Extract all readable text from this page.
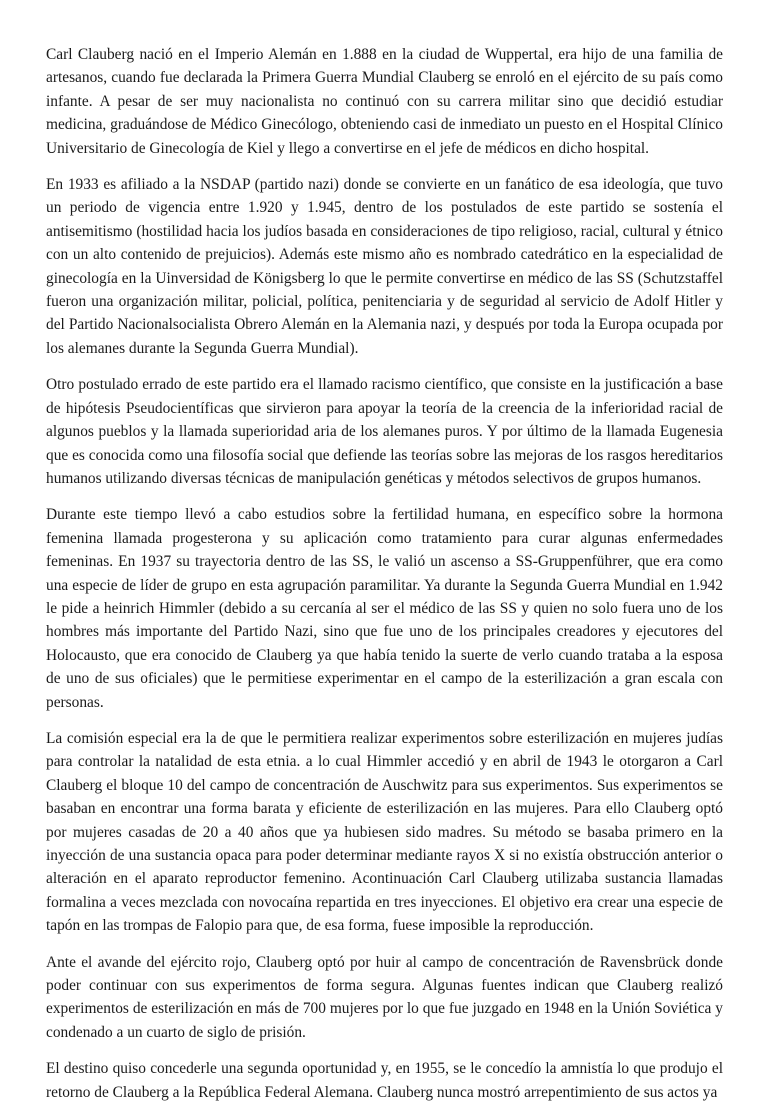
Carl Clauberg nació en el Imperio Alemán en 1.888 en la ciudad de Wuppertal, era hijo de una familia de artesanos, cuando fue declarada la Primera Guerra Mundial Clauberg se enroló en el ejército de su país como infante. A pesar de ser muy nacionalista no continuó con su carrera militar sino que decidió estudiar medicina, graduándose de Médico Ginecólogo, obteniendo casi de inmediato un puesto en el Hospital Clínico Universitario de Ginecología de Kiel y llego a convertirse en el jefe de médicos en dicho hospital.

En 1933 es afiliado a la NSDAP (partido nazi) donde se convierte en un fanático de esa ideología, que tuvo un periodo de vigencia entre 1.920 y 1.945, dentro de los postulados de este partido se sostenía el antisemitismo (hostilidad hacia los judíos basada en consideraciones de tipo religioso, racial, cultural y étnico con un alto contenido de prejuicios). Además este mismo año es nombrado catedrático en la especialidad de ginecología en la Uinversidad de Königsberg lo que le permite convertirse en médico de las SS (Schutzstaffel fueron una organización militar, policial, política, penitenciaria y de seguridad al servicio de Adolf Hitler y del Partido Nacionalsocialista Obrero Alemán en la Alemania nazi, y después por toda la Europa ocupada por los alemanes durante la Segunda Guerra Mundial).

Otro postulado errado de este partido era el llamado racismo científico, que consiste en la justificación a base de hipótesis Pseudocientíficas que sirvieron para apoyar la teoría de la creencia de la inferioridad racial de algunos pueblos y la llamada superioridad aria de los alemanes puros. Y por último de la llamada Eugenesia que es conocida como una filosofía social que defiende las teorías sobre las mejoras de los rasgos hereditarios humanos utilizando diversas técnicas de manipulación genéticas y métodos selectivos de grupos humanos.

Durante este tiempo llevó a cabo estudios sobre la fertilidad humana, en específico sobre la hormona femenina llamada progesterona y su aplicación como tratamiento para curar algunas enfermedades femeninas. En 1937 su trayectoria dentro de las SS, le valió un ascenso a SS-Gruppenführer, que era como una especie de líder de grupo en esta agrupación paramilitar. Ya durante la Segunda Guerra Mundial en 1.942 le pide a heinrich Himmler (debido a su cercanía al ser el médico de las SS y quien no solo fuera uno de los hombres más importante del Partido Nazi, sino que fue uno de los principales creadores y ejecutores del Holocausto, que era conocido de Clauberg ya que había tenido la suerte de verlo cuando trataba a la esposa de uno de sus oficiales) que le permitiese experimentar en el campo de la esterilización a gran escala con personas.

La comisión especial era la de que le permitiera realizar experimentos sobre esterilización en mujeres judías para controlar la natalidad de esta etnia. a lo cual Himmler accedió y en abril de 1943 le otorgaron a Carl Clauberg el bloque 10 del campo de concentración de Auschwitz para sus experimentos. Sus experimentos se basaban en encontrar una forma barata y eficiente de esterilización en las mujeres. Para ello Clauberg optó por mujeres casadas de 20 a 40 años que ya hubiesen sido madres. Su método se basaba primero en la inyección de una sustancia opaca para poder determinar mediante rayos X si no existía obstrucción anterior o alteración en el aparato reproductor femenino. Acontinuación Carl Clauberg utilizaba sustancia llamadas formalina a veces mezclada con novocaína repartida en tres inyecciones. El objetivo era crear una especie de tapón en las trompas de Falopio para que, de esa forma, fuese imposible la reproducción.

Ante el avande del ejército rojo, Clauberg optó por huir al campo de concentración de Ravensbrück donde poder continuar con sus experimentos de forma segura. Algunas fuentes indican que Clauberg realizó experimentos de esterilización en más de 700 mujeres por lo que fue juzgado en 1948 en la Unión Soviética y condenado a un cuarto de siglo de prisión.

El destino quiso concederle una segunda oportunidad y, en 1955, se le concedío la amnistía lo que produjo el retorno de Clauberg a la República Federal Alemana. Clauberg nunca mostró arrepentimiento de sus actos ya
